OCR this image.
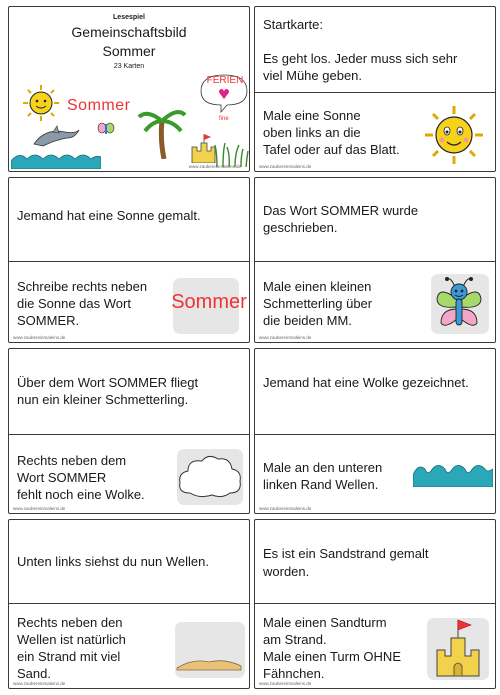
Lesespiel
Gemeinschaftsbild
Sommer
23 Karten
Sommer
FERIEN
fine
www.zaubereinmaleins.de
Startkarte:
Es geht los. Jeder muss sich sehr
viel Mühe geben.
Male eine Sonne
oben links an die
Tafel oder auf das Blatt.
www.zaubereinmaleins.de
Jemand hat eine Sonne gemalt.
Schreibe rechts neben
die Sonne das Wort
SOMMER.
Sommer
www.zaubereinmaleins.de
Das Wort SOMMER wurde
geschrieben.
Male einen kleinen
Schmetterling über
die beiden MM.
www.zaubereinmaleins.de
Über dem Wort SOMMER fliegt
nun ein kleiner Schmetterling.
Rechts neben dem
Wort SOMMER
fehlt noch eine Wolke.
www.zaubereinmaleins.de
Jemand hat eine Wolke gezeichnet.
Male an den unteren
linken Rand Wellen.
www.zaubereinmaleins.de
Unten links siehst du nun Wellen.
Rechts neben den
Wellen ist natürlich
ein Strand mit viel
Sand.
www.zaubereinmaleins.de
Es ist ein Sandstrand gemalt
worden.
Male einen Sandturm
am Strand.
Male einen Turm OHNE
Fähnchen.
www.zaubereinmaleins.de
